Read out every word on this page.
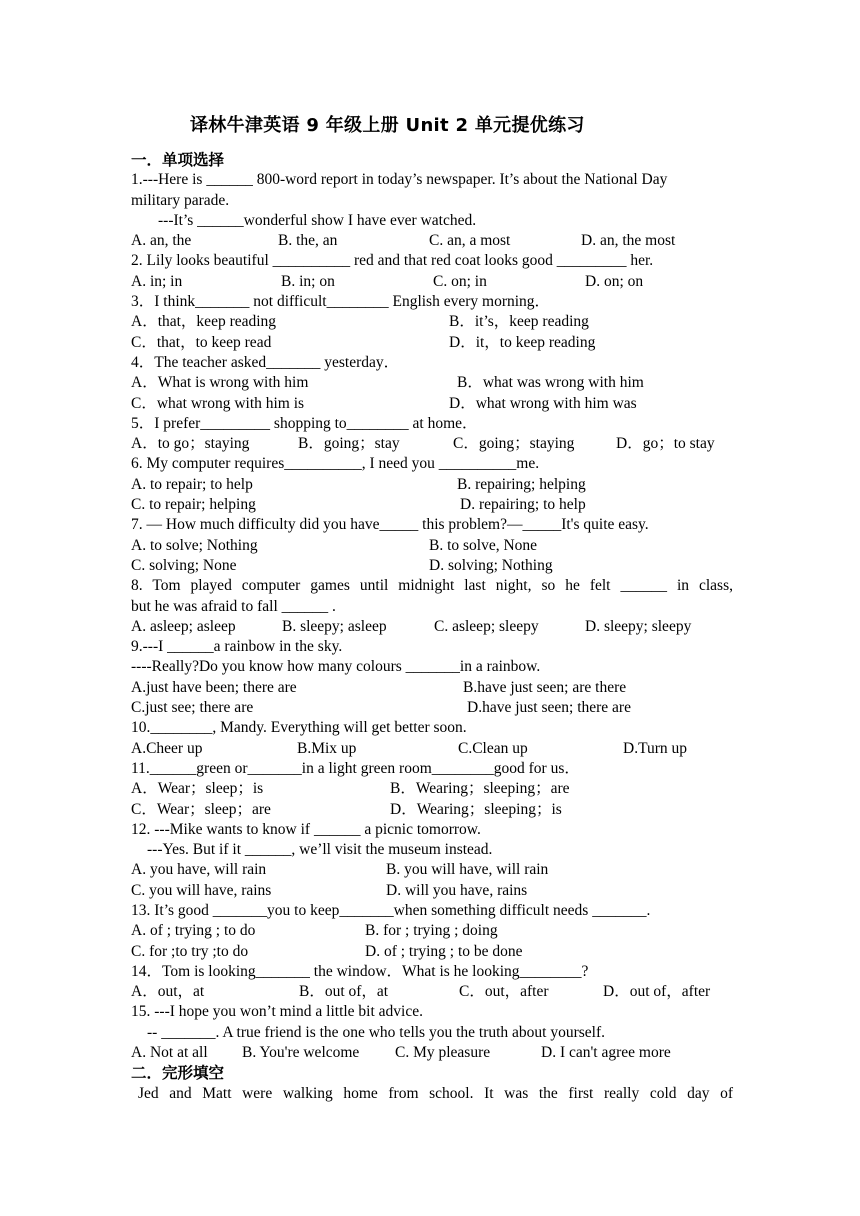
译林牛津英语 9 年级上册 Unit 2 单元提优练习
一．单项选择
1.---Here is ______ 800-word report in today’s newspaper. It’s about the National Day
military parade.
---It’s ______wonderful show I have ever watched.
A. an, the	B. the, an	C. an, a most	D. an, the most
2. Lily looks beautiful __________ red and that red coat looks good _________ her.
A. in; in	B. in; on	C. on; in	D. on; on
3．I think_______ not difficult________ English every morning．
A．that，keep reading	B．it’s，keep reading
C．that，to keep read	D．it，to keep reading
4．The teacher asked_______ yesterday．
A．What is wrong with him	B．what was wrong with him
C．what wrong with him is	D．what wrong with him was
5．I prefer_________ shopping to________ at home．
A．to go；staying	B．going；stay	C．going；staying	D．go；to stay
6. My computer requires__________, I need you __________me.
A. to repair; to help	B. repairing; helping
C. to repair; helping	D. repairing; to help
7. — How much difficulty did you have_____ this problem?—_____It's quite easy.
A. to solve; Nothing	B. to solve, None
C. solving; None	D. solving; Nothing
8. Tom played computer games until midnight last night, so he felt ______ in class,
but he was afraid to fall ______ .
A. asleep; asleep	B. sleepy; asleep	C. asleep; sleepy	D. sleepy; sleepy
9.---I ______a rainbow in the sky.
----Really?Do you know how many colours _______in a rainbow.
A.just have been; there are	B.have just seen; are there
C.just see; there are	D.have just seen; there are
10.________, Mandy. Everything will get better soon.
A.Cheer up	B.Mix up	C.Clean up	D.Turn up
11.______green or_______in a light green room________good for us．
A．Wear；sleep；is	B．Wearing；sleeping；are
C．Wear；sleep；are	D．Wearing；sleeping；is
12. ---Mike wants to know if ______ a picnic tomorrow.
---Yes. But if it ______, we’ll visit the museum instead.
A. you have, will rain	B. you will have, will rain
C. you will have, rains	D. will you have, rains
13. It’s good _______you to keep_______when something difficult needs _______.
A. of ; trying ; to do	B. for ; trying ; doing
C. for ;to try ;to do	D. of ; trying ; to be done
14．Tom is looking_______ the window．What is he looking________?
A．out，at	B．out of，at	C．out，after	D．out of，after
15. ---I hope you won’t mind a little bit advice.
-- _______. A true friend is the one who tells you the truth about yourself.
A. Not at all	B. You're welcome	C. My pleasure	D. I can't agree more
二．完形填空
Jed and Matt were walking home from school. It was the first really cold day of
